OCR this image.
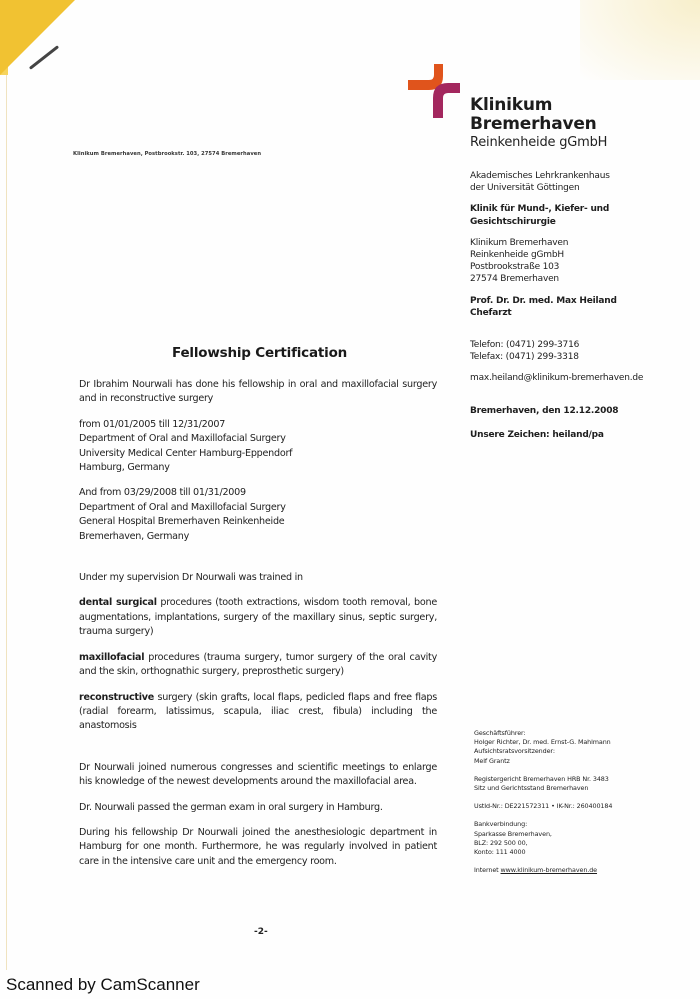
Klinikum
Bremerhaven
Reinkenheide gGmbH
Klinikum Bremerhaven, Postbrookstr. 103, 27574 Bremerhaven
Akademisches Lehrkrankenhaus
der Universität Göttingen
Klinik für Mund-, Kiefer- und
Gesichtschirurgie
Klinikum Bremerhaven
Reinkenheide gGmbH
Postbrookstraße 103
27574 Bremerhaven
Prof. Dr. Dr. med. Max Heiland
Chefarzt
Telefon: (0471) 299-3716
Telefax: (0471) 299-3318
max.heiland@klinikum-bremerhaven.de
Bremerhaven, den 12.12.2008
Unsere Zeichen: heiland/pa
Fellowship Certification

Dr Ibrahim Nourwali has done his fellowship in oral and maxillofacial surgery and in reconstructive surgery

from 01/01/2005 till 12/31/2007
Department of Oral and Maxillofacial Surgery
University Medical Center Hamburg-Eppendorf
Hamburg, Germany
And from 03/29/2008 till 01/31/2009
Department of Oral and Maxillofacial Surgery
General Hospital Bremerhaven Reinkenheide
Bremerhaven, Germany

Under my supervision Dr Nourwali was trained in

dental surgical procedures (tooth extractions, wisdom tooth removal, bone augmentations, implantations, surgery of the maxillary sinus, septic surgery, trauma surgery)

maxillofacial procedures (trauma surgery, tumor surgery of the oral cavity and the skin, orthognathic surgery, preprosthetic surgery)

reconstructive surgery (skin grafts, local flaps, pedicled flaps and free flaps (radial forearm, latissimus, scapula, iliac crest, fibula) including the anastomosis

Dr Nourwali joined numerous congresses and scientific meetings to enlarge his knowledge of the newest developments around the maxillofacial area.

Dr. Nourwali passed the german exam in oral surgery in Hamburg.

During his fellowship Dr Nourwali joined the anesthesiologic department in Hamburg for one month. Furthermore, he was regularly involved in patient care in the intensive care unit and the emergency room.

Geschäftsführer:
Holger Richter, Dr. med. Ernst-G. Mahlmann
Aufsichtsratsvorsitzender:
Melf Grantz
Registergericht Bremerhaven HRB Nr. 3483
Sitz und Gerichtsstand Bremerhaven
UstId-Nr.: DE221572311 • IK-Nr.: 260400184
Bankverbindung:
Sparkasse Bremerhaven,
BLZ: 292 500 00,
Konto: 111 4000
Internet www.klinikum-bremerhaven.de
-2-
Scanned by CamScanner
